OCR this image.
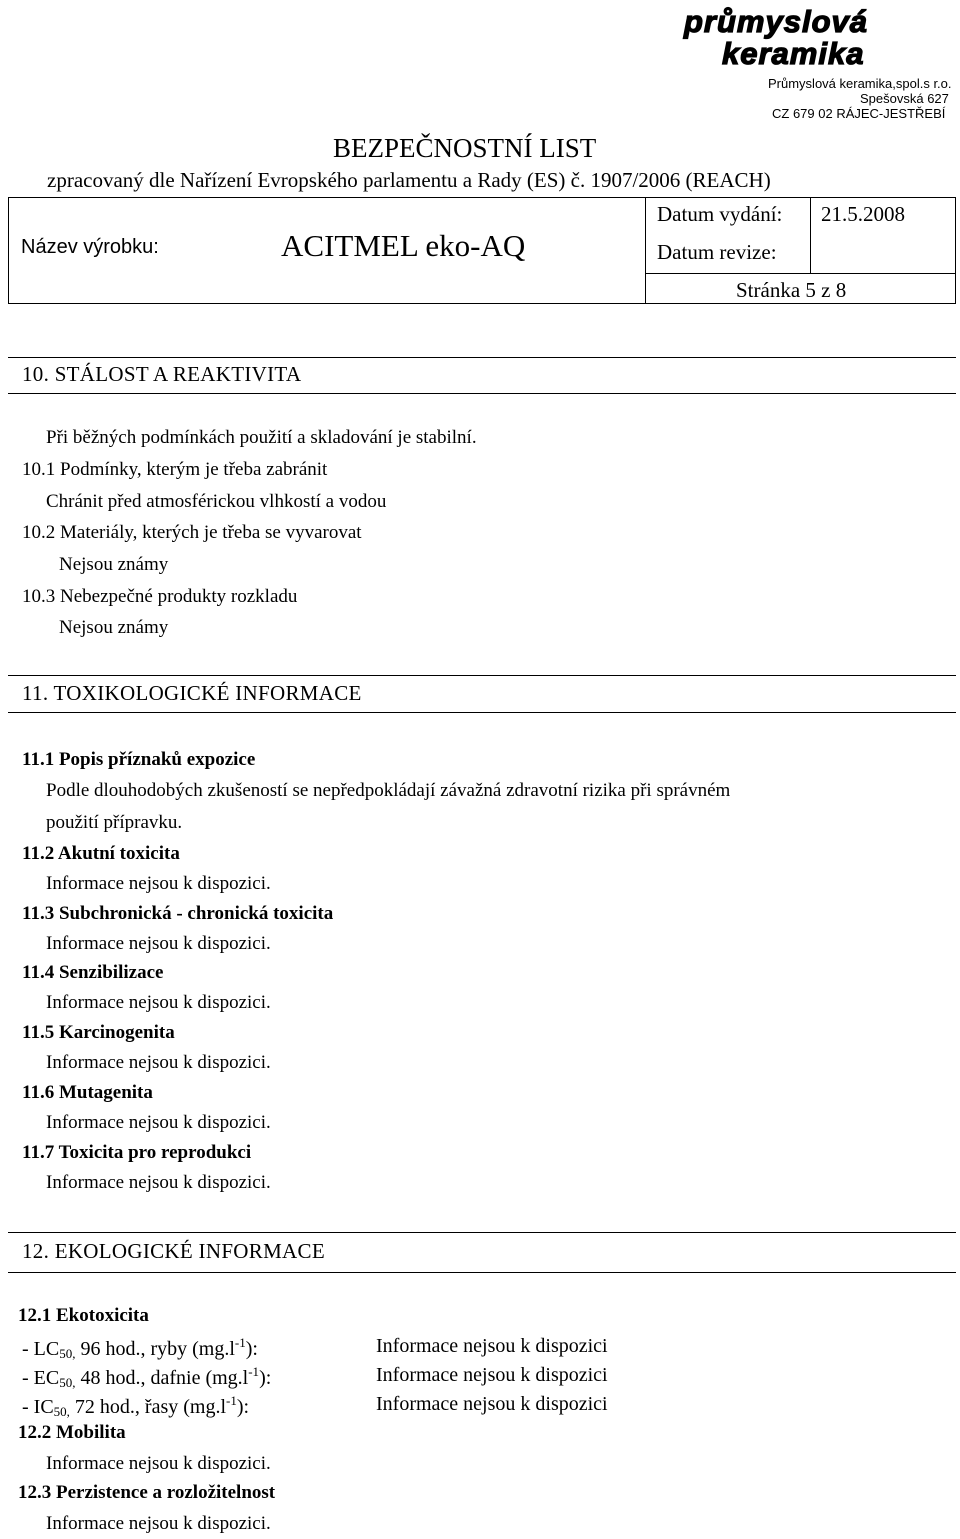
průmyslová
keramika
Průmyslová keramika,spol.s r.o.
Spešovská 627
CZ 679 02 RÁJEC-JESTŘEBÍ
BEZPEČNOSTNÍ LIST
zpracovaný dle Nařízení Evropského parlamentu a Rady (ES) č. 1907/2006 (REACH)
Název výrobku:	ACITMEL eko-AQ
Datum vydání: 21.5.2008
Datum revize:
Stránka 5 z 8
10. STÁLOST A REAKTIVITA
Při běžných podmínkách použití a skladování je stabilní.
10.1 Podmínky, kterým je třeba zabránit
Chránit před atmosférickou vlhkostí a vodou
10.2 Materiály, kterých je třeba se vyvarovat
Nejsou známy
10.3 Nebezpečné produkty rozkladu
Nejsou známy
11. TOXIKOLOGICKÉ INFORMACE
11.1 Popis příznaků expozice
Podle dlouhodobých zkušeností se nepředpokládají závažná zdravotní rizika při správném
použití přípravku.
11.2 Akutní toxicita
Informace nejsou k dispozici.
11.3 Subchronická - chronická toxicita
Informace nejsou k dispozici.
11.4 Senzibilizace
Informace nejsou k dispozici.
11.5 Karcinogenita
Informace nejsou k dispozici.
11.6 Mutagenita
Informace nejsou k dispozici.
11.7 Toxicita pro reprodukci
Informace nejsou k dispozici.
12. EKOLOGICKÉ INFORMACE
12.1 Ekotoxicita
- $LC_{50,}$ 96 hod., ryby $(mg.l^{-1})$:	Informace nejsou k dispozici
- $EC_{50,}$ 48 hod., dafnie $(mg.l^{-1})$:	Informace nejsou k dispozici
- $IC_{50,}$ 72 hod., řasy $(mg.l^{-1})$:	Informace nejsou k dispozici
12.2 Mobilita
Informace nejsou k dispozici.
12.3 Perzistence a rozložitelnost
Informace nejsou k dispozici.
